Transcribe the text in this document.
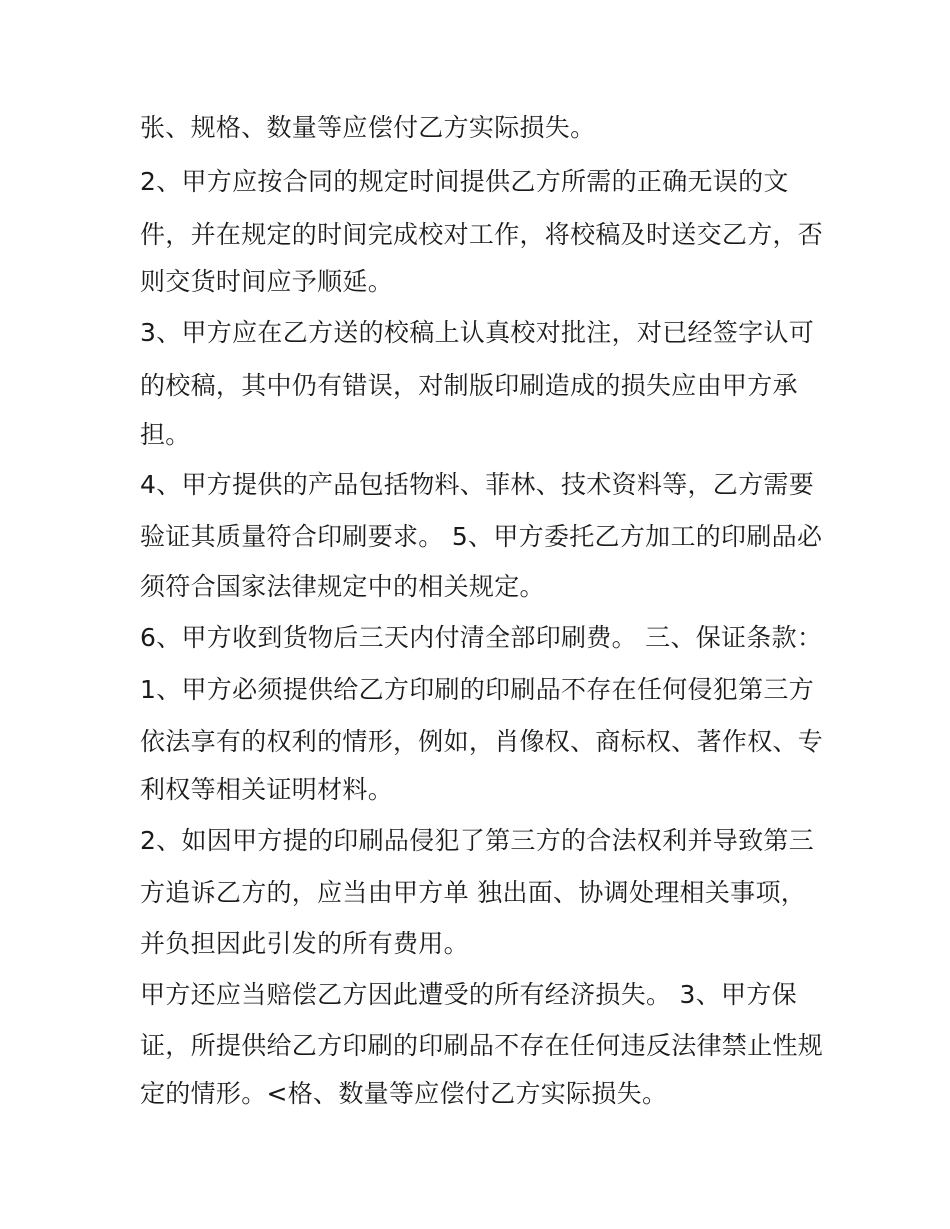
张、规格、数量等应偿付乙方实际损失。
2、甲方应按合同的规定时间提供乙方所需的正确无误的文
件，并在规定的时间完成校对工作，将校稿及时送交乙方，否
则交货时间应予顺延。
3、甲方应在乙方送的校稿上认真校对批注，对已经签字认可
的校稿，其中仍有错误，对制版印刷造成的损失应由甲方承
担。
4、甲方提供的产品包括物料、菲林、技术资料等，乙方需要
验证其质量符合印刷要求。 5、甲方委托乙方加工的印刷品必
须符合国家法律规定中的相关规定。
6、甲方收到货物后三天内付清全部印刷费。 三、保证条款：
1、甲方必须提供给乙方印刷的印刷品不存在任何侵犯第三方
依法享有的权利的情形，例如，肖像权、商标权、著作权、专
利权等相关证明材料。
2、如因甲方提的印刷品侵犯了第三方的合法权利并导致第三
方追诉乙方的，应当由甲方单 独出面、协调处理相关事项，
并负担因此引发的所有费用。
甲方还应当赔偿乙方因此遭受的所有经济损失。 3、甲方保
证，所提供给乙方印刷的印刷品不存在任何违反法律禁止性规
定的情形。<格、数量等应偿付乙方实际损失。
